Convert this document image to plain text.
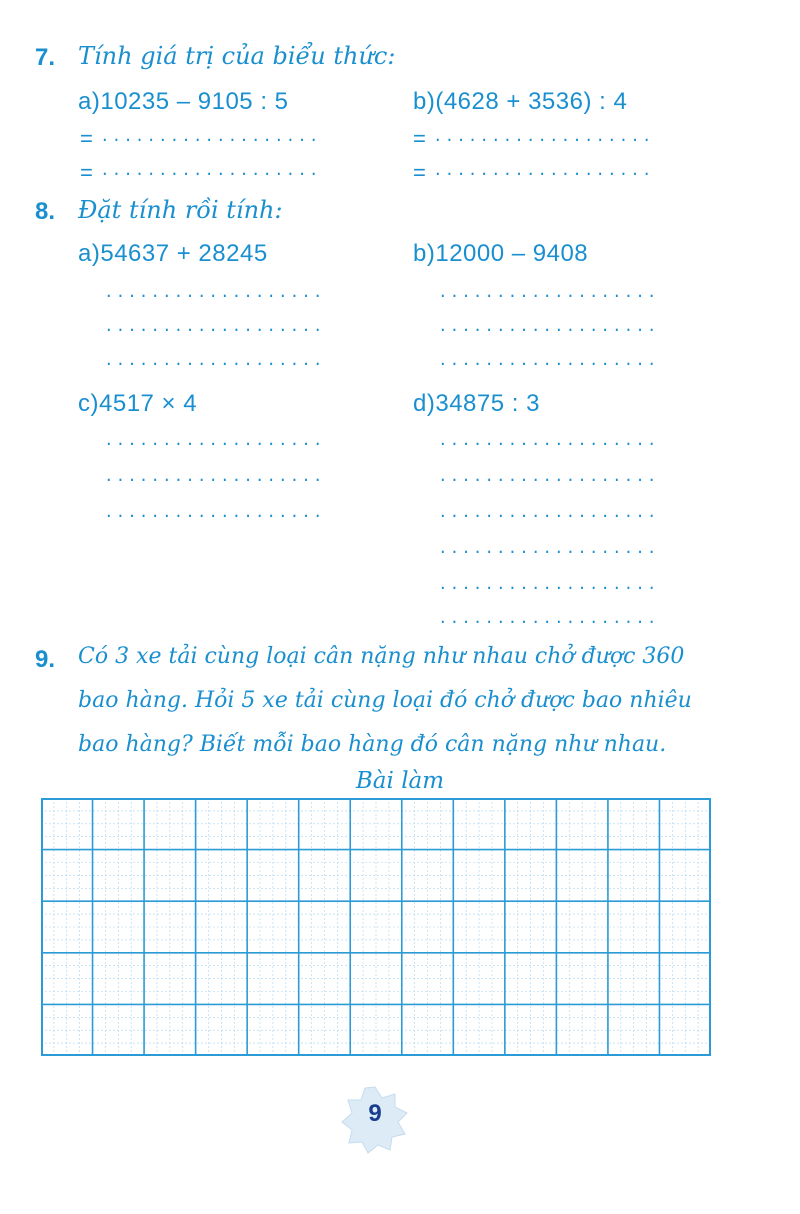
7. Tính giá trị của biểu thức:
a)10235 – 9105 : 5	b)(4628 + 3536) : 4
= ...................
= ...................
= ...................
= ...................
8. Đặt tính rồi tính:
a)54637 + 28245	b)12000 – 9408
...................
...................
...................
...................
...................
...................
c)4517 × 4	d)34875 : 3
...................
...................
...................
...................
...................
...................
...................
...................
...................
9. Có 3 xe tải cùng loại cân nặng như nhau chở được 360 bao hàng. Hỏi 5 xe tải cùng loại đó chở được bao nhiêu bao hàng? Biết mỗi bao hàng đó cân nặng như nhau.
Bài làm
9
